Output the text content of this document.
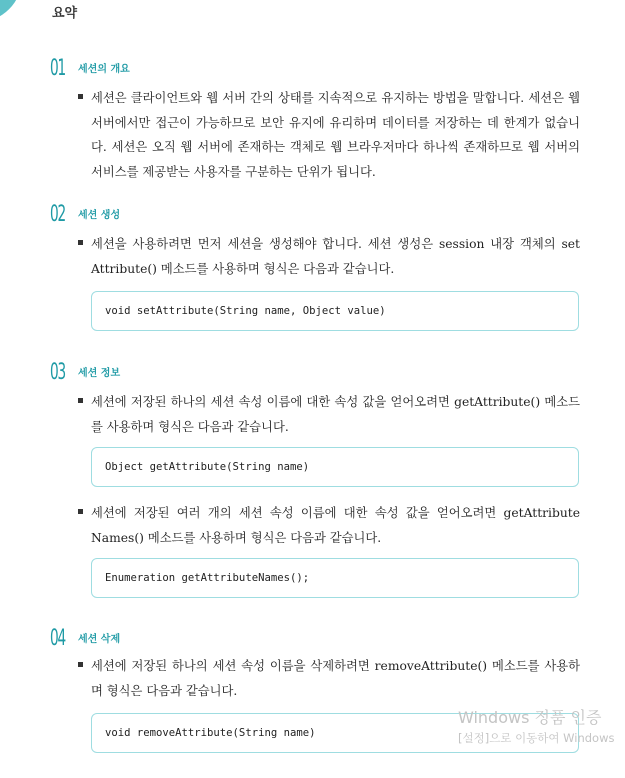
요약
01 세션의 개요
세션은 클라이언트와 웹 서버 간의 상태를 지속적으로 유지하는 방법을 말합니다. 세션은 웹 서버에서만 접근이 가능하므로 보안 유지에 유리하며 데이터를 저장하는 데 한계가 없습니다. 세션은 오직 웹 서버에 존재하는 객체로 웹 브라우저마다 하나씩 존재하므로 웹 서버의 서비스를 제공받는 사용자를 구분하는 단위가 됩니다.
02 세션 생성
세션을 사용하려면 먼저 세션을 생성해야 합니다. 세션 생성은 session 내장 객체의 set Attribute() 메소드를 사용하며 형식은 다음과 같습니다.
void setAttribute(String name, Object value)
03 세션 정보
세션에 저장된 하나의 세션 속성 이름에 대한 속성 값을 얻어오려면 getAttribute() 메소드를 사용하며 형식은 다음과 같습니다.
Object getAttribute(String name)
세션에 저장된 여러 개의 세션 속성 이름에 대한 속성 값을 얻어오려면 getAttribute Names() 메소드를 사용하며 형식은 다음과 같습니다.
Enumeration getAttributeNames();
04 세션 삭제
세션에 저장된 하나의 세션 속성 이름을 삭제하려면 removeAttribute() 메소드를 사용하며 형식은 다음과 같습니다.
void removeAttribute(String name)
Windows 정품 인증
[설정]으로 이동하여 Windows
